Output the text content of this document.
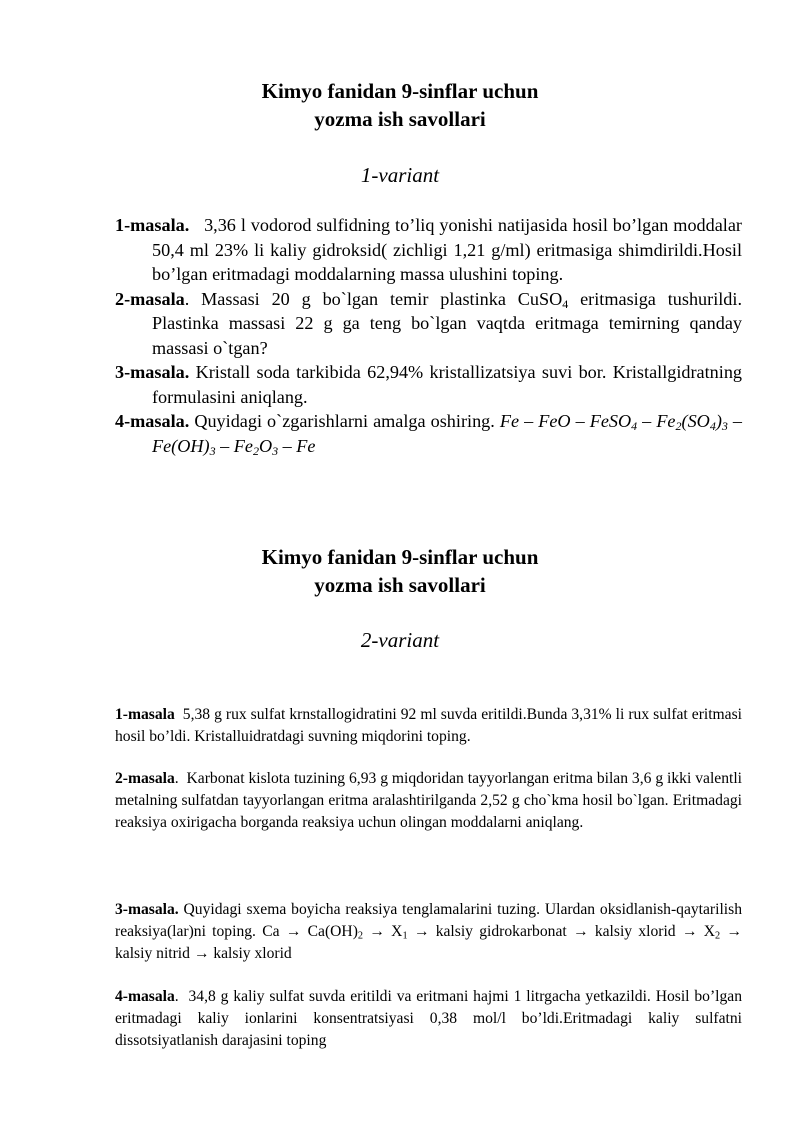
Kimyo fanidan 9-sinflar uchun
yozma ish savollari
1-variant
1-masala. 3,36 l vodorod sulfidning to’liq yonishi natijasida hosil bo’lgan moddalar 50,4 ml 23% li kaliy gidroksid( zichligi 1,21 g/ml) eritmasiga shimdirildi.Hosil bo’lgan eritmadagi moddalarning massa ulushini toping.
2-masala. Massasi 20 g bo`lgan temir plastinka CuSO$_4$ eritmasiga tushurildi. Plastinka massasi 22 g ga teng bo`lgan vaqtda eritmaga temirning qanday massasi o`tgan?
3-masala. Kristall soda tarkibida 62,94% kristallizatsiya suvi bor. Kristallgidratning formulasini aniqlang.
4-masala. Quyidagi o`zgarishlarni amalga oshiring. Fe – FeO – FeSO$_4$ – $Fe_2(SO_4)_3 - Fe(OH)_3 - Fe_2O_3$ – Fe
Kimyo fanidan 9-sinflar uchun
yozma ish savollari
2-variant
1-masala 5,38 g rux sulfat krnstallogidratini 92 ml suvda eritildi.Bunda 3,31% li rux sulfat eritmasi hosil bo’ldi. Kristalluidratdagi suvning miqdorini toping.
2-masala. Karbonat kislota tuzining 6,93 g miqdoridan tayyorlangan eritma bilan 3,6 g ikki valentli metalning sulfatdan tayyorlangan eritma aralashtirilganda 2,52 g cho`kma hosil bo`lgan. Eritmadagi reaksiya oxirigacha borganda reaksiya uchun olingan moddalarni aniqlang.
3-masala. Quyidagi sxema boyicha reaksiya tenglamalarini tuzing. Ulardan oksidlanish-qaytarilish reaksiya(lar)ni toping. $Ca \to Ca(OH)_2 \to X_1$ → kalsiy gidrokarbonat → kalsiy xlorid → $X_2$ → kalsiy nitrid → kalsiy xlorid
4-masala. 34,8 g kaliy sulfat suvda eritildi va eritmani hajmi 1 litrgacha yetkazildi. Hosil bo’lgan eritmadagi kaliy ionlarini konsentratsiyasi 0,38 mol/l bo’ldi.Eritmadagi kaliy sulfatni dissotsiyatlanish darajasini toping
